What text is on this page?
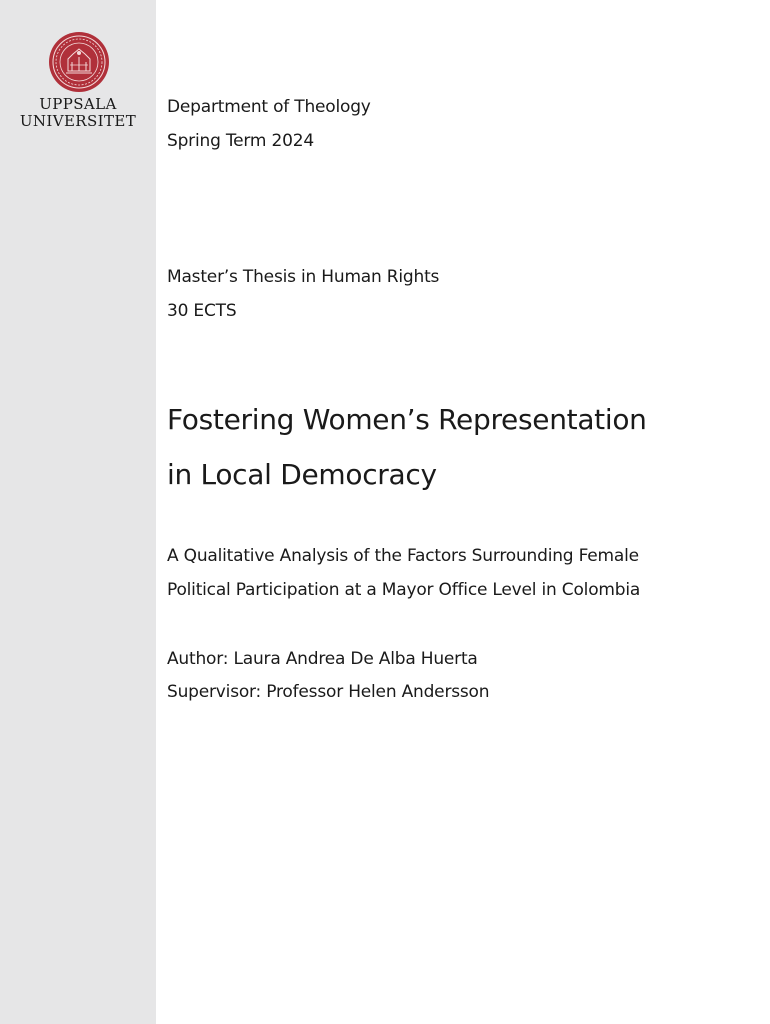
UPPSALA
UNIVERSITET
Department of Theology
Spring Term 2024
Master’s Thesis in Human Rights
30 ECTS
Fostering Women’s Representation
in Local Democracy
A Qualitative Analysis of the Factors Surrounding Female
Political Participation at a Mayor Office Level in Colombia
Author: Laura Andrea De Alba Huerta
Supervisor: Professor Helen Andersson
